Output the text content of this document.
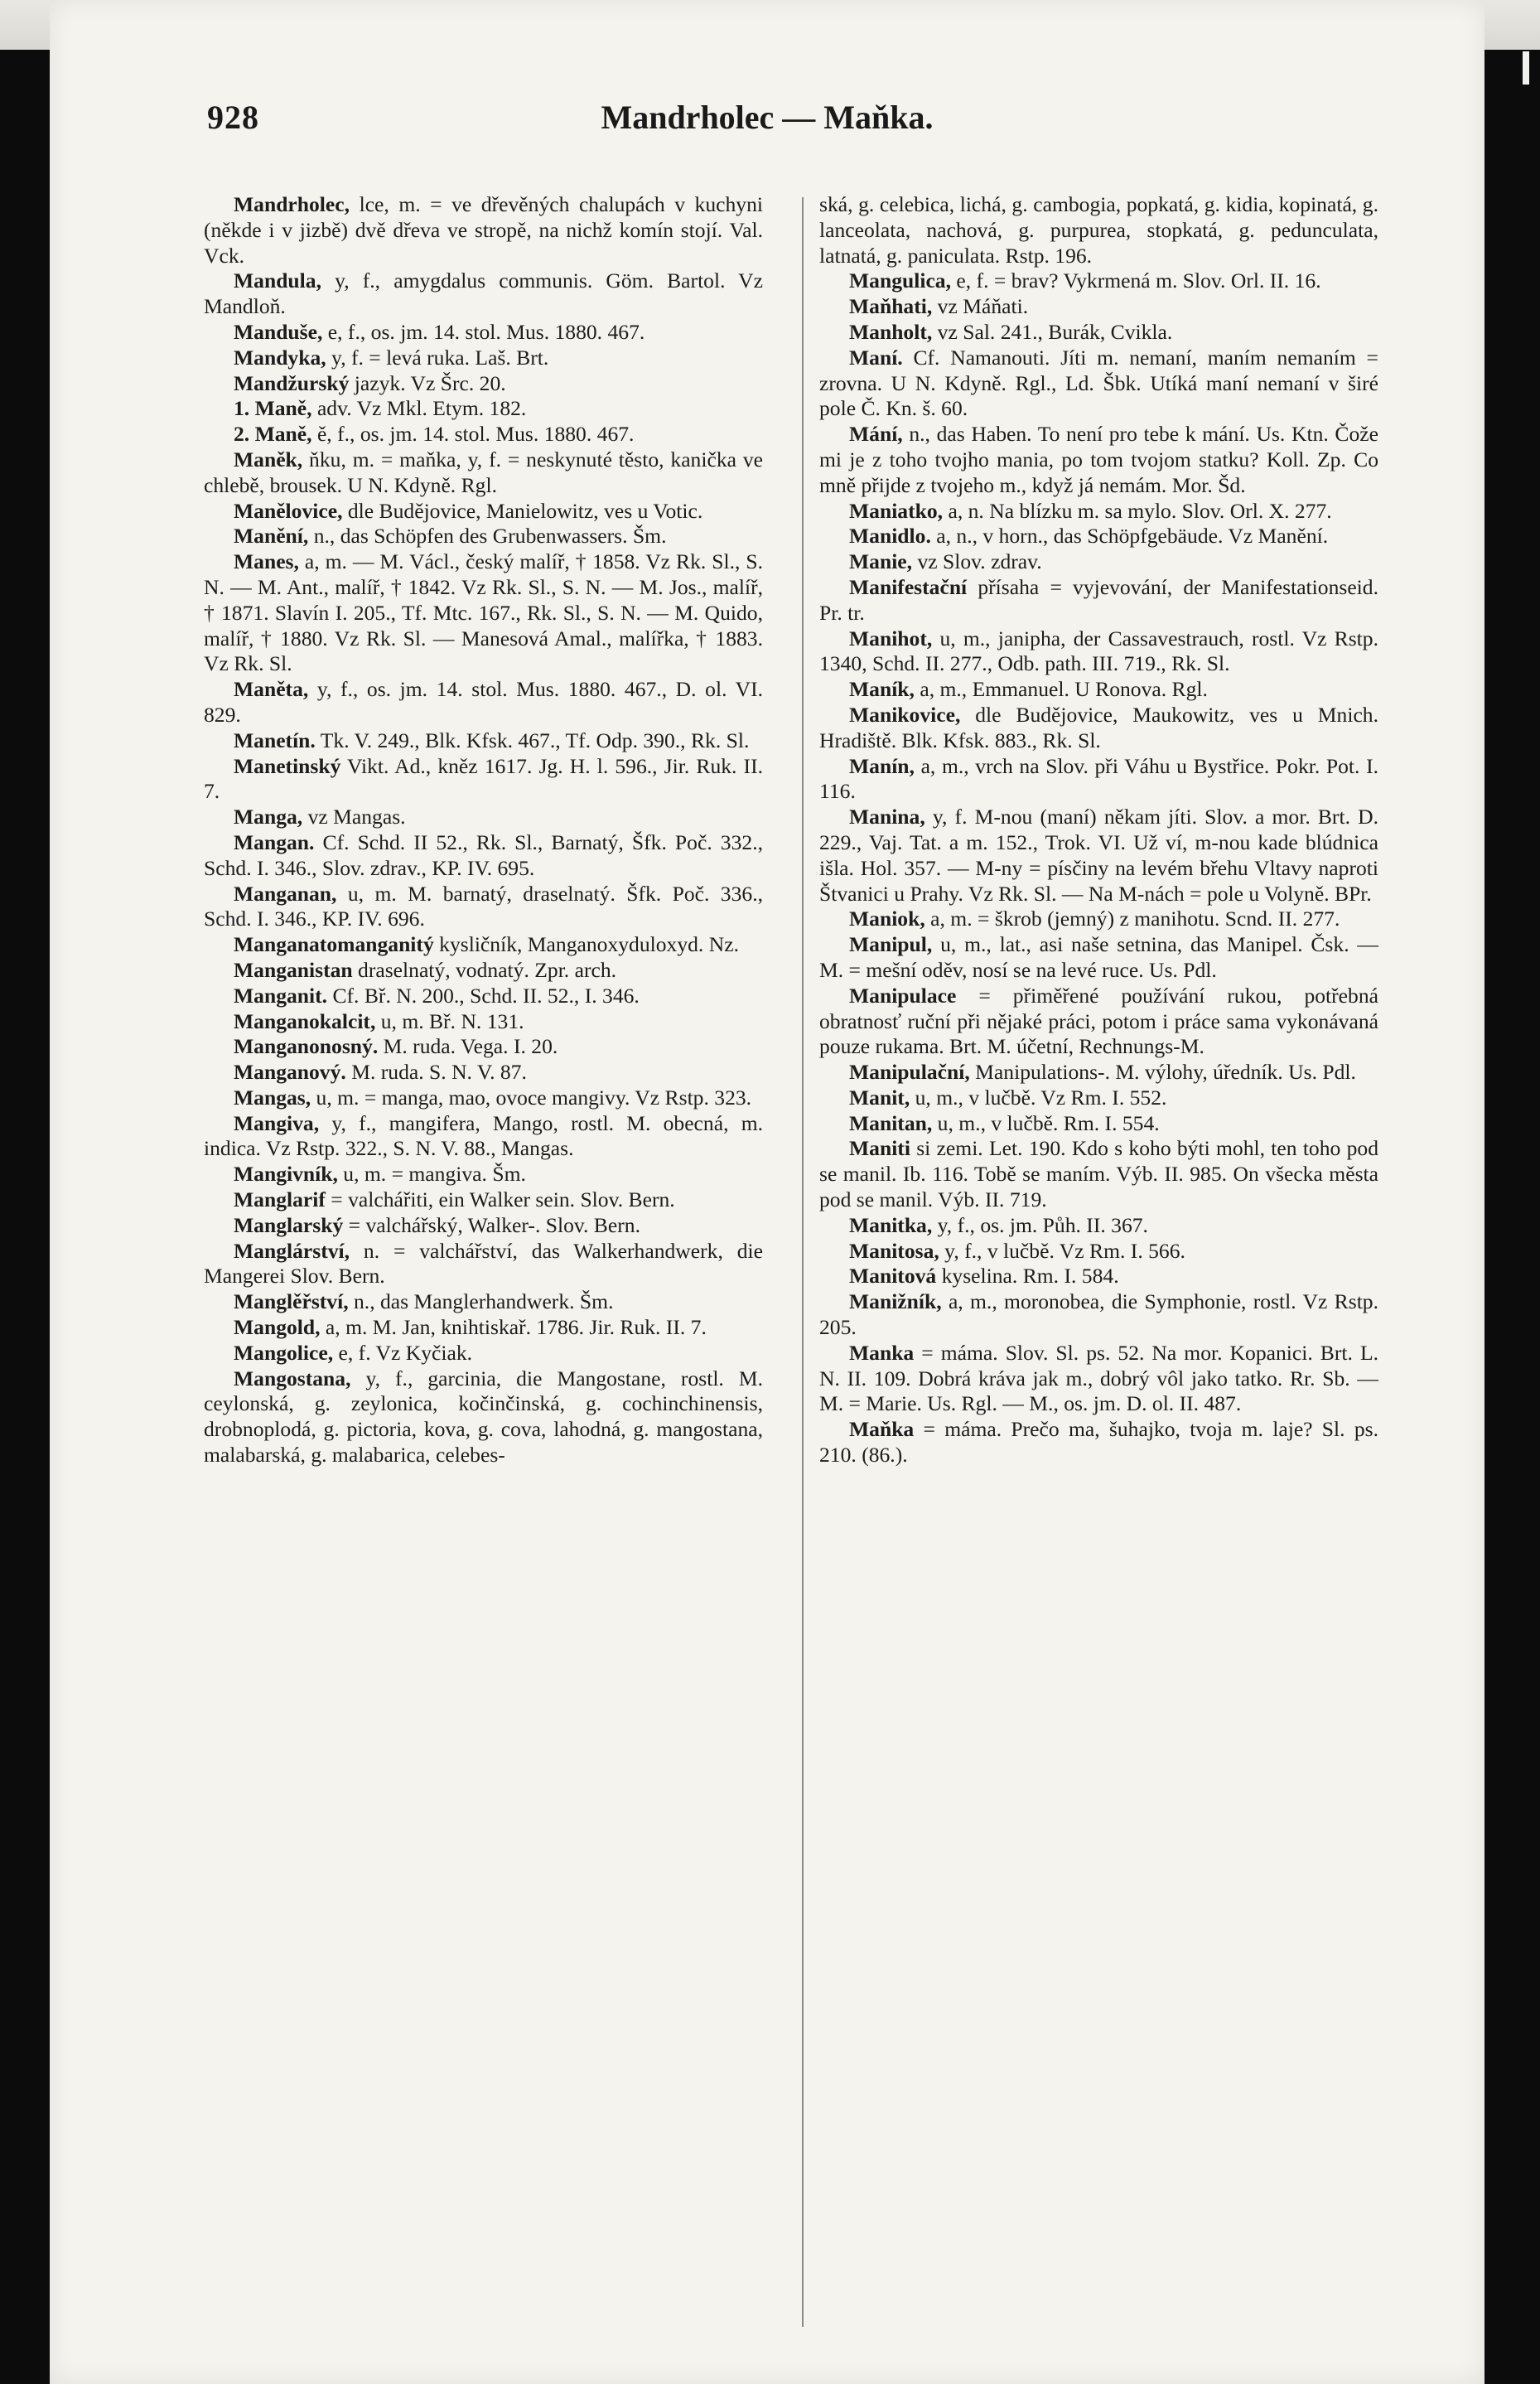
928	Mandrholec — Maňka.

Mandrholec, lce, m. = ve dřevěných chalupách v kuchyni (někde i v jizbě) dvě dřeva ve stropě, na nichž komín stojí. Val. Vck.

Mandula, y, f., amygdalus communis. Göm. Bartol. Vz Mandloň.

Manduše, e, f., os. jm. 14. stol. Mus. 1880. 467.

Mandyka, y, f. = levá ruka. Laš. Brt.

Mandžurský jazyk. Vz Šrc. 20.

1. Maně, adv. Vz Mkl. Etym. 182.

2. Maně, ě, f., os. jm. 14. stol. Mus. 1880. 467.

Maněk, ňku, m. = maňka, y, f. = neskynuté těsto, kanička ve chlebě, brousek. U N. Kdyně. Rgl.

Manělovice, dle Budějovice, Manielowitz, ves u Votic.

Manění, n., das Schöpfen des Grubenwassers. Šm.

Manes, a, m. — M. Václ., český malíř, † 1858. Vz Rk. Sl., S. N. — M. Ant., malíř, † 1842. Vz Rk. Sl., S. N. — M. Jos., malíř, † 1871. Slavín I. 205., Tf. Mtc. 167., Rk. Sl., S. N. — M. Quido, malíř, † 1880. Vz Rk. Sl. — Manesová Amal., malířka, † 1883. Vz Rk. Sl.

Maněta, y, f., os. jm. 14. stol. Mus. 1880. 467., D. ol. VI. 829.

Manetín. Tk. V. 249., Blk. Kfsk. 467., Tf. Odp. 390., Rk. Sl.

Manetinský Vikt. Ad., kněz 1617. Jg. H. l. 596., Jir. Ruk. II. 7.

Manga, vz Mangas.

Mangan. Cf. Schd. II 52., Rk. Sl., Barnatý, Šfk. Poč. 332., Schd. I. 346., Slov. zdrav., KP. IV. 695.

Manganan, u, m. M. barnatý, draselnatý. Šfk. Poč. 336., Schd. I. 346., KP. IV. 696.

Manganatomanganitý kysličník, Manganoxyduloxyd. Nz.

Manganistan draselnatý, vodnatý. Zpr. arch.

Manganit. Cf. Bř. N. 200., Schd. II. 52., I. 346.

Manganokalcit, u, m. Bř. N. 131.

Manganonosný. M. ruda. Vega. I. 20.

Manganový. M. ruda. S. N. V. 87.

Mangas, u, m. = manga, mao, ovoce mangivy. Vz Rstp. 323.

Mangiva, y, f., mangifera, Mango, rostl. M. obecná, m. indica. Vz Rstp. 322., S. N. V. 88., Mangas.

Mangivník, u, m. = mangiva. Šm.

Manglarif = valchářiti, ein Walker sein. Slov. Bern.

Manglarský = valchářský, Walker-. Slov. Bern.

Manglárství, n. = valchářství, das Walkerhandwerk, die Mangerei Slov. Bern.

Manglěřství, n., das Manglerhandwerk. Šm.

Mangold, a, m. M. Jan, knihtiskař. 1786. Jir. Ruk. II. 7.

Mangolice, e, f. Vz Kyčiak.

Mangostana, y, f., garcinia, die Mangostane, rostl. M. ceylonská, g. zeylonica, kočinčinská, g. cochinchinensis, drobnoplodá, g. pictoria, kova, g. cova, lahodná, g. mangostana, malabarská, g. malabarica, celebes-

ská, g. celebica, lichá, g. cambogia, popkatá, g. kidia, kopinatá, g. lanceolata, nachová, g. purpurea, stopkatá, g. pedunculata, latnatá, g. paniculata. Rstp. 196.

Mangulica, e, f. = brav? Vykrmená m. Slov. Orl. II. 16.

Maňhati, vz Máňati.

Manholt, vz Sal. 241., Burák, Cvikla.

Maní. Cf. Namanouti. Jíti m. nemaní, maním nemaním = zrovna. U N. Kdyně. Rgl., Ld. Šbk. Utíká maní nemaní v širé pole Č. Kn. š. 60.

Mání, n., das Haben. To není pro tebe k mání. Us. Ktn. Čože mi je z toho tvojho mania, po tom tvojom statku? Koll. Zp. Co mně přijde z tvojeho m., když já nemám. Mor. Šd.

Maniatko, a, n. Na blízku m. sa mylo. Slov. Orl. X. 277.

Manidlo. a, n., v horn., das Schöpfgebäude. Vz Manění.

Manie, vz Slov. zdrav.

Manifestační přísaha = vyjevování, der Manifestationseid. Pr. tr.

Manihot, u, m., janipha, der Cassavestrauch, rostl. Vz Rstp. 1340, Schd. II. 277., Odb. path. III. 719., Rk. Sl.

Maník, a, m., Emmanuel. U Ronova. Rgl.

Manikovice, dle Budějovice, Maukowitz, ves u Mnich. Hradiště. Blk. Kfsk. 883., Rk. Sl.

Manín, a, m., vrch na Slov. při Váhu u Bystřice. Pokr. Pot. I. 116.

Manina, y, f. M-nou (maní) někam jíti. Slov. a mor. Brt. D. 229., Vaj. Tat. a m. 152., Trok. VI. Už ví, m-nou kade blúdnica išla. Hol. 357. — M-ny = písčiny na levém břehu Vltavy naproti Štvanici u Prahy. Vz Rk. Sl. — Na M-nách = pole u Volyně. BPr.

Maniok, a, m. = škrob (jemný) z manihotu. Scnd. II. 277.

Manipul, u, m., lat., asi naše setnina, das Manipel. Čsk. — M. = mešní oděv, nosí se na levé ruce. Us. Pdl.

Manipulace = přiměřené používání rukou, potřebná obratnosť ruční při nějaké práci, potom i práce sama vykonávaná pouze rukama. Brt. M. účetní, Rechnungs-M.

Manipulační, Manipulations-. M. výlohy, úředník. Us. Pdl.

Manit, u, m., v lučbě. Vz Rm. I. 552.

Manitan, u, m., v lučbě. Rm. I. 554.

Maniti si zemi. Let. 190. Kdo s koho býti mohl, ten toho pod se manil. Ib. 116. Tobě se maním. Výb. II. 985. On všecka města pod se manil. Výb. II. 719.

Manitka, y, f., os. jm. Půh. II. 367.

Manitosa, y, f., v lučbě. Vz Rm. I. 566.

Manitová kyselina. Rm. I. 584.

Manižník, a, m., moronobea, die Symphonie, rostl. Vz Rstp. 205.

Manka = máma. Slov. Sl. ps. 52. Na mor. Kopanici. Brt. L. N. II. 109. Dobrá kráva jak m., dobrý vôl jako tatko. Rr. Sb. — M. = Marie. Us. Rgl. — M., os. jm. D. ol. II. 487.

Maňka = máma. Prečo ma, šuhajko, tvoja m. laje? Sl. ps. 210. (86.).
